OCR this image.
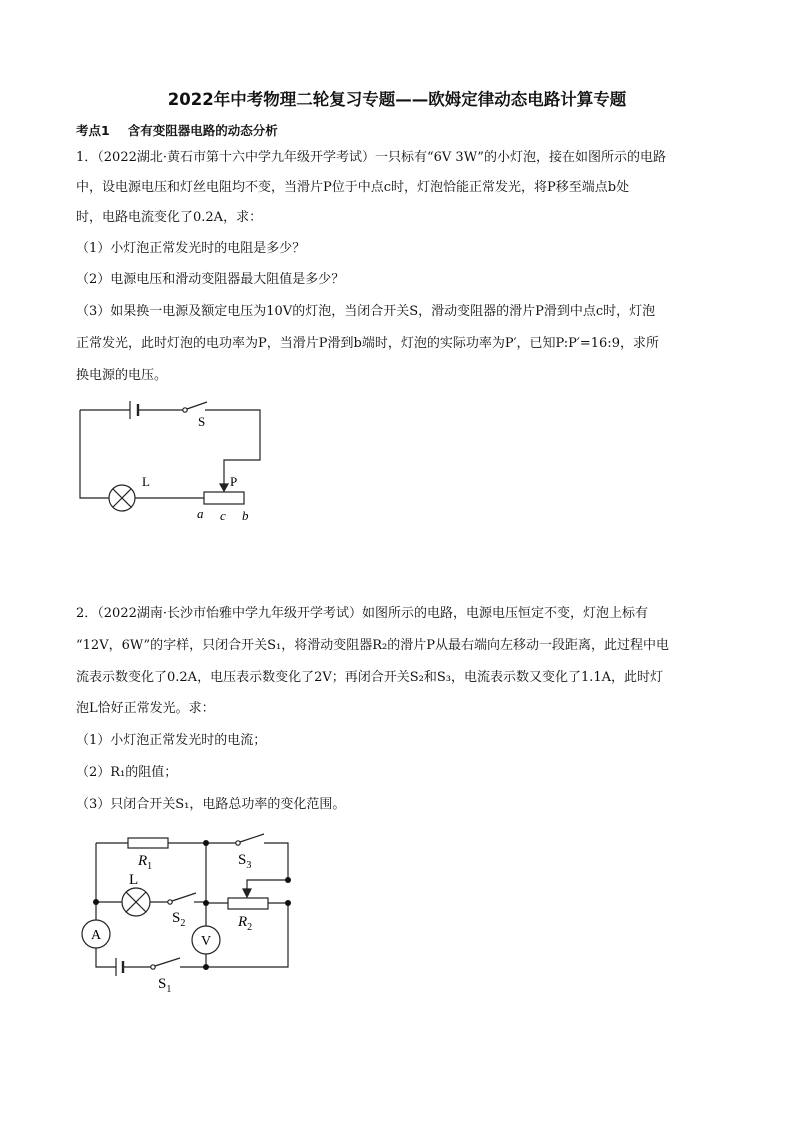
2022年中考物理二轮复习专题——欧姆定律动态电路计算专题
考点1 含有变阻器电路的动态分析
1．（2022湖北·黄石市第十六中学九年级开学考试）一只标有“6V 3W”的小灯泡，接在如图所示的电路
中，设电源电压和灯丝电阻均不变，当滑片P位于中点c时，灯泡恰能正常发光，将P移至端点b处
时，电路电流变化了0.2A，求：
（1）小灯泡正常发光时的电阻是多少？
（2）电源电压和滑动变阻器最大阻值是多少？
（3）如果换一电源及额定电压为10V的灯泡，当闭合开关S，滑动变阻器的滑片P滑到中点c时，灯泡
正常发光，此时灯泡的电功率为P，当滑片P滑到b端时，灯泡的实际功率为P′，已知P:P′=16:9，求所
换电源的电压。
S
L	P
a c b
2．（2022湖南·长沙市怡雅中学九年级开学考试）如图所示的电路，电源电压恒定不变，灯泡上标有
“12V，6W”的字样，只闭合开关S₁，将滑动变阻器R₂的滑片P从最右端向左移动一段距离，此过程中电
流表示数变化了0.2A，电压表示数变化了2V；再闭合开关S₂和S₃，电流表示数又变化了1.1A，此时灯
泡L恰好正常发光。求：
（1）小灯泡正常发光时的电流；
（2）R₁的阻值；
（3）只闭合开关S₁，电路总功率的变化范围。
$R_1$	$S_3$
L
$S_2$	$R_2$
A	V
$S_1$
